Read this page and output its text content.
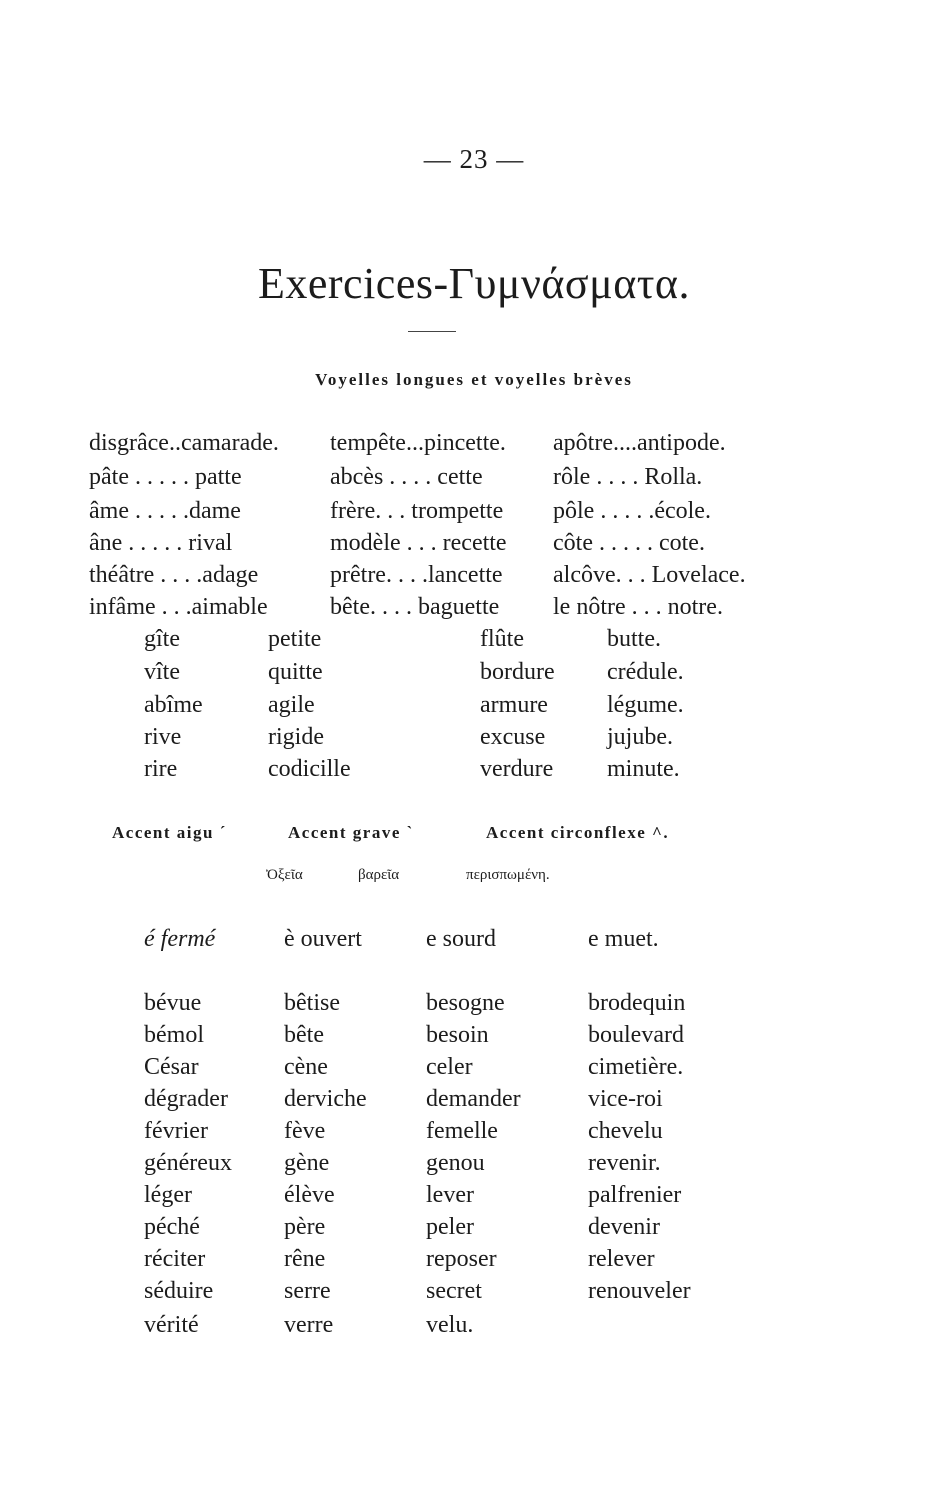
— 23 —
Exercices-Γυμνάσματα.
Voyelles longues et voyelles brèves
disgrâce..camarade. tempête...pincette. apôtre....antipode.
pâte . . . . . patte	abcès . . . . cette	rôle . . . . Rolla.
âme . . . . .dame	frère. . . trompette pôle . . . . .école.
âne . . . . . rival	modèle . . . recette côte . . . . . cote.
théâtre . . . .adage	prêtre. . . .lancette alcôve. . . Lovelace.
infâme . . .aimable	bête. . . . baguette le nôtre . . . notre.
gîte	petite	flûte	butte.
vîte	quitte	bordure crédule.
abîme	agile	armure légume.
rive	rigide	excuse	jujube.
rire	codicille	verdure minute.
Accent aigu ´	Accent grave `	Accent circonflexe ^.
Ὀξεῖα	βαρεῖα	περισπωμένη.
é fermé	è ouvert	e sourd	e muet.
bévue	bêtise	besogne	brodequin
bémol	bête	besoin	boulevard
César	cène	celer	cimetière.
dégrader derviche demander	vice-roi
février	fève	femelle	chevelu
généreux gène	genou	revenir.
léger	élève	lever	palfrenier
péché	père	peler	devenir
réciter	rêne	reposer	relever
séduire	serre	secret	renouveler
vérité	verre	velu.
